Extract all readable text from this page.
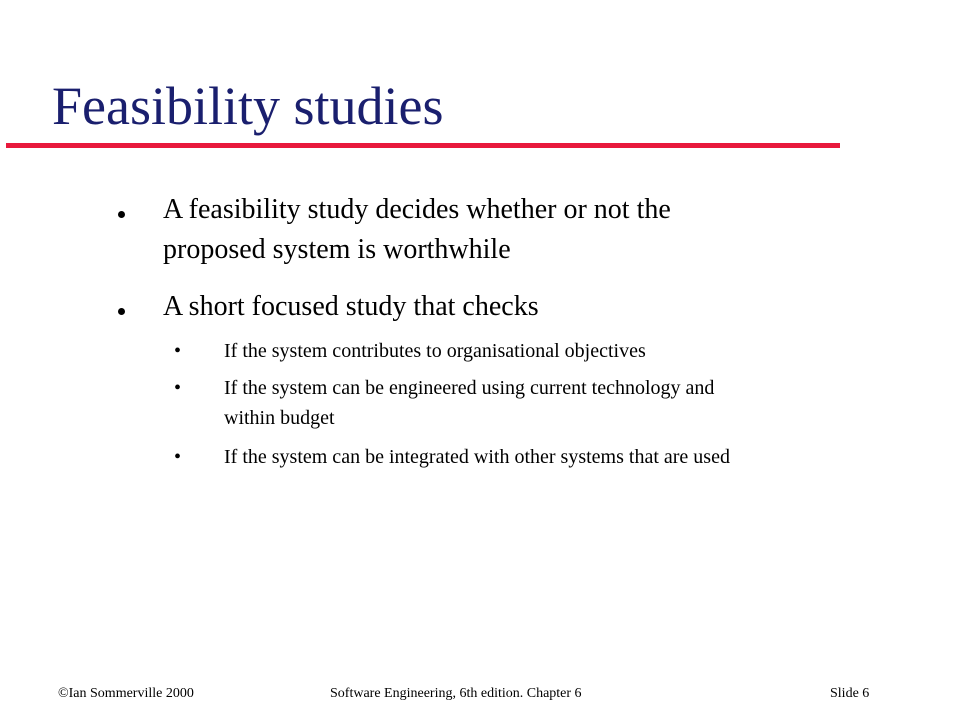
Feasibility studies
A feasibility study decides whether or not the
proposed system is worthwhile
A short focused study that checks
• If the system contributes to organisational objectives
• If the system can be engineered using current technology and
within budget
• If the system can be integrated with other systems that are used
©Ian Sommerville 2000	Software Engineering, 6th edition. Chapter 6	Slide 6
